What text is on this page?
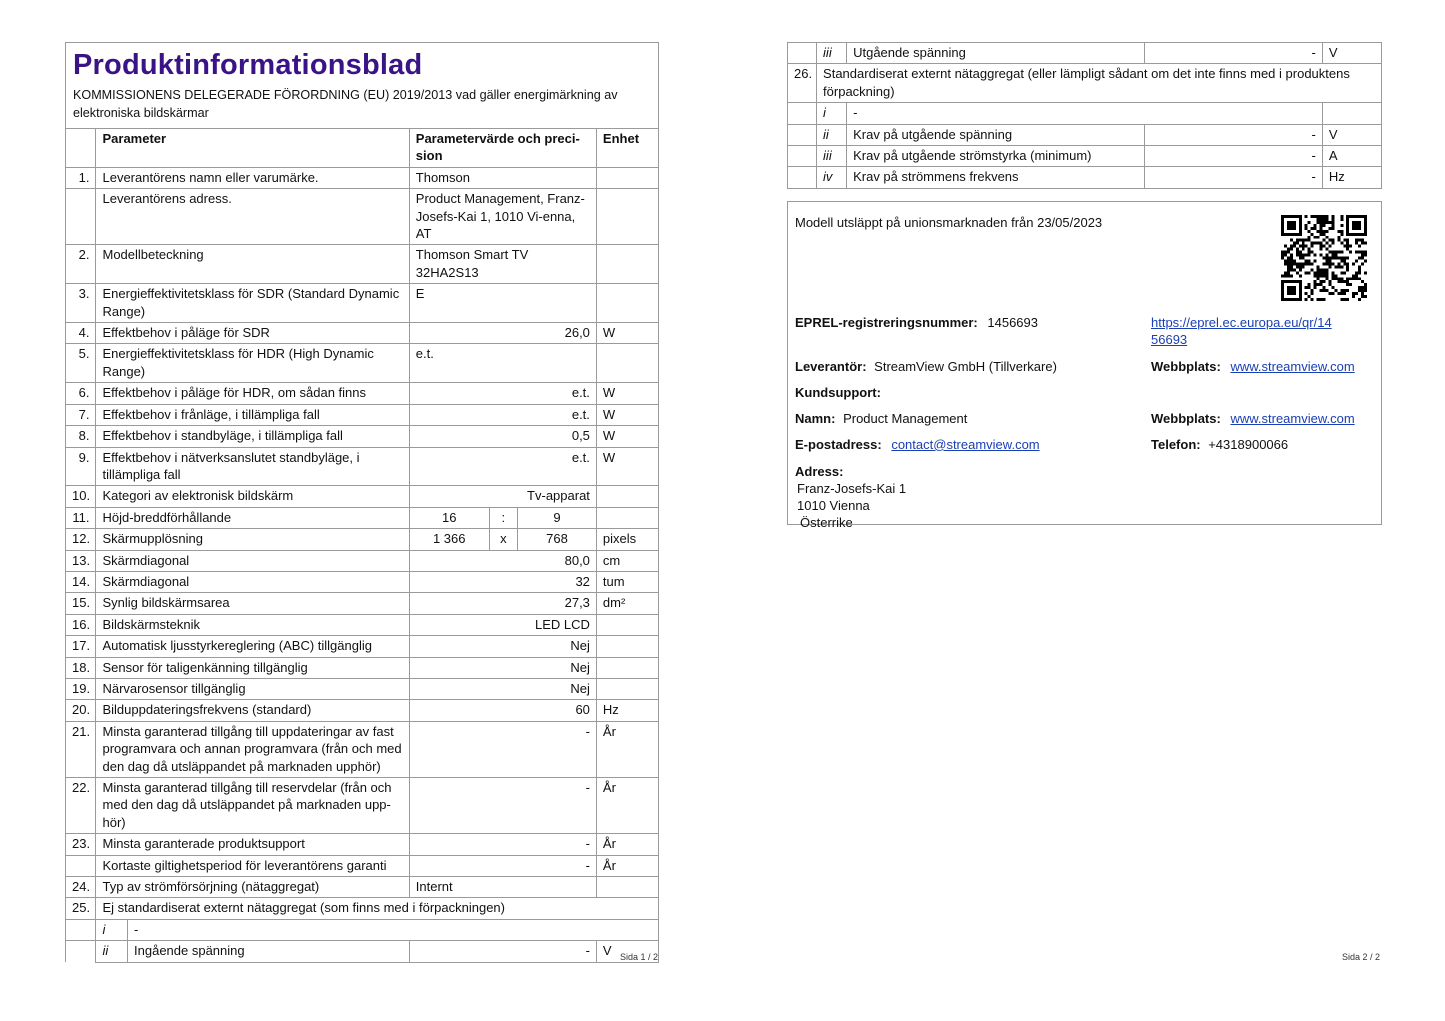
Produktinformationsblad
KOMMISSIONENS DELEGERADE FÖRORDNING (EU) 2019/2013 vad gäller energimärkning av elektroniska bildskärmar
	Parameter		Parametervärde och preci-sion			Enhet
1.	Leverantörens namn eller varumärke.		Thomson			
	Leverantörens adress.		Product Management, Franz-Josefs-Kai 1, 1010 Vi-enna, AT			
2.	Modellbeteckning		Thomson Smart TV 32HA2S13			
3.	Energieffektivitetsklass för SDR (Standard Dynamic Range)		E			
4.	Effektbehov i påläge för SDR		26,0			W
5.	Energieffektivitetsklass för HDR (High Dynamic Range)		e.t.			
6.	Effektbehov i påläge för HDR, om sådan finns		e.t.			W
7.	Effektbehov i frånläge, i tillämpliga fall		e.t.			W
8.	Effektbehov i standbyläge, i tillämpliga fall		0,5			W
9.	Effektbehov i nätverksanslutet standbyläge, i tillämpliga fall		e.t.			W
10.	Kategori av elektronisk bildskärm		Tv-apparat			
11.	Höjd-breddförhållande		16	:	9	
12.	Skärmupplösning		1 366	x	768	pixels
13.	Skärmdiagonal		80,0			cm
14.	Skärmdiagonal		32			tum
15.	Synlig bildskärmsarea		27,3			dm²
16.	Bildskärmsteknik		LED LCD			
17.	Automatisk ljusstyrkereglering (ABC) tillgänglig		Nej			
18.	Sensor för taligenkänning tillgänglig		Nej			
19.	Närvarosensor tillgänglig		Nej			
20.	Bilduppdateringsfrekvens (standard)		60			Hz
21.	Minsta garanterad tillgång till uppdateringar av fast programvara och annan programvara (från och med den dag då utsläppandet på marknaden upphör)		-			År
22.	Minsta garanterad tillgång till reservdelar (från och med den dag då utsläppandet på marknaden upp-hör)		-			År
23.	Minsta garanterade produktsupport		-			År
	Kortaste giltighetsperiod för leverantörens garanti		-			År
24.	Typ av strömförsörjning (nätaggregat)		Internt			
25.	Ej standardiserat externt nätaggregat (som finns med i förpackningen)					
	i	-				
	ii	Ingående spänning	-			V Sida 1 / 2
	iii	Utgående spänning	-	V
26.	Standardiserat externt nätaggregat (eller lämpligt sådant om det inte finns med i produktens förpackning)			
	i	-		
	ii	Krav på utgående spänning	-	V
	iii	Krav på utgående strömstyrka (minimum)	-	A
	iv	Krav på strömmens frekvens	-	Hz
Modell utsläppt på unionsmarknaden från 23/05/2023
EPREL-registreringsnummer: 1456693	https://eprel.ec.europa.eu/qr/14
56693
Leverantör: StreamView GmbH (Tillverkare)	Webbplats: www.streamview.com
Kundsupport:
Namn: Product Management	Webbplats: www.streamview.com
E-postadress: contact@streamview.com	Telefon: +4318900066
Adress:
Franz-Josefs-Kai 1
1010 Vienna
Österrike
Sida 2 / 2
